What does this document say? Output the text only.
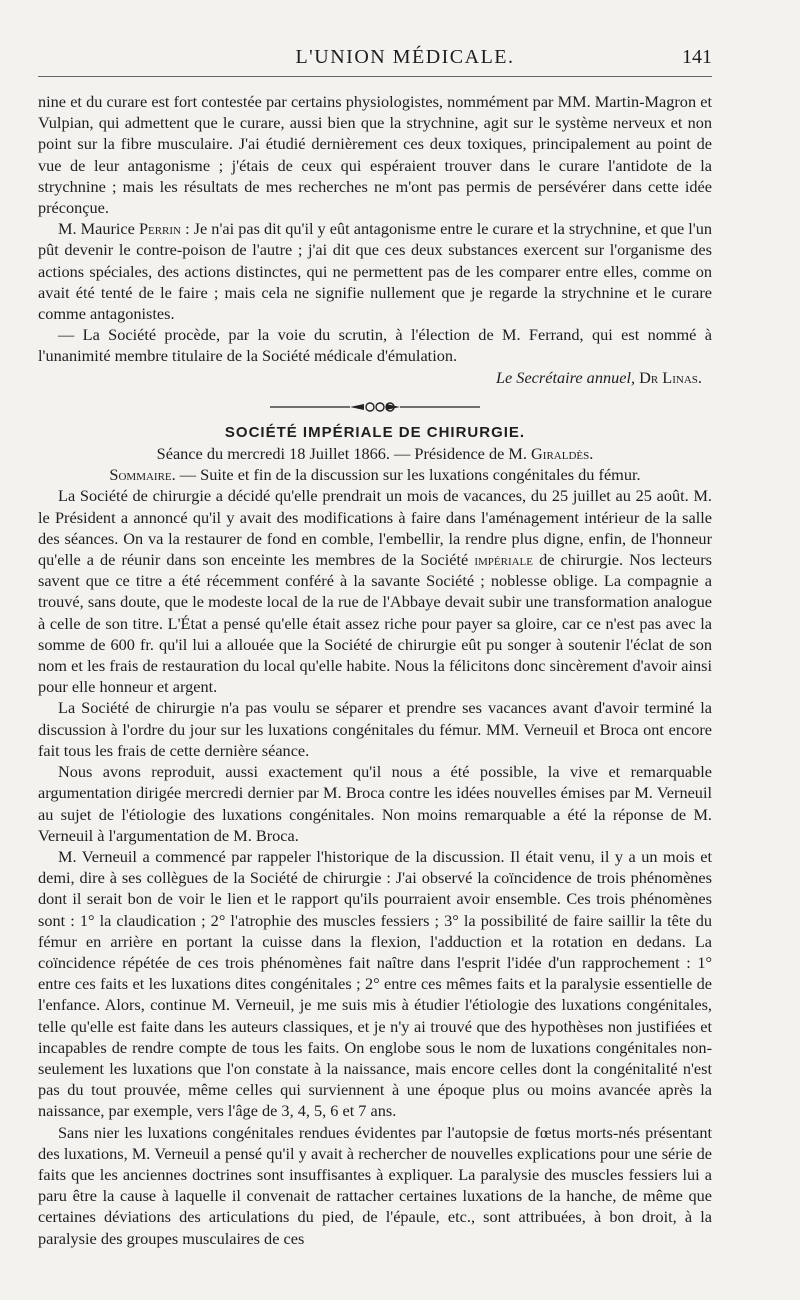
L'UNION MÉDICALE.	141

nine et du curare est fort contestée par certains physiologistes, nommément par MM. Martin-Magron et Vulpian, qui admettent que le curare, aussi bien que la strychnine, agit sur le système nerveux et non point sur la fibre musculaire. J'ai étudié dernièrement ces deux toxiques, principalement au point de vue de leur antagonisme ; j'étais de ceux qui espéraient trouver dans le curare l'antidote de la strychnine ; mais les résultats de mes recherches ne m'ont pas permis de persévérer dans cette idée préconçue.

M. Maurice Perrin : Je n'ai pas dit qu'il y eût antagonisme entre le curare et la strychnine, et que l'un pût devenir le contre-poison de l'autre ; j'ai dit que ces deux substances exercent sur l'organisme des actions spéciales, des actions distinctes, qui ne permettent pas de les comparer entre elles, comme on avait été tenté de le faire ; mais cela ne signifie nullement que je regarde la strychnine et le curare comme antagonistes.

— La Société procède, par la voie du scrutin, à l'élection de M. Ferrand, qui est nommé à l'unanimité membre titulaire de la Société médicale d'émulation.

Le Secrétaire annuel, Dr Linas.

SOCIÉTÉ IMPÉRIALE DE CHIRURGIE.

Séance du mercredi 18 Juillet 1866. — Présidence de M. Giraldès.

Sommaire. — Suite et fin de la discussion sur les luxations congénitales du fémur.

La Société de chirurgie a décidé qu'elle prendrait un mois de vacances, du 25 juillet au 25 août. M. le Président a annoncé qu'il y avait des modifications à faire dans l'aménagement intérieur de la salle des séances. On va la restaurer de fond en comble, l'embellir, la rendre plus digne, enfin, de l'honneur qu'elle a de réunir dans son enceinte les membres de la Société impériale de chirurgie. Nos lecteurs savent que ce titre a été récemment conféré à la savante Société ; noblesse oblige. La compagnie a trouvé, sans doute, que le modeste local de la rue de l'Abbaye devait subir une transformation analogue à celle de son titre. L'État a pensé qu'elle était assez riche pour payer sa gloire, car ce n'est pas avec la somme de 600 fr. qu'il lui a allouée que la Société de chirurgie eût pu songer à soutenir l'éclat de son nom et les frais de restauration du local qu'elle habite. Nous la félicitons donc sincèrement d'avoir ainsi pour elle honneur et argent.

La Société de chirurgie n'a pas voulu se séparer et prendre ses vacances avant d'avoir terminé la discussion à l'ordre du jour sur les luxations congénitales du fémur. MM. Verneuil et Broca ont encore fait tous les frais de cette dernière séance.

Nous avons reproduit, aussi exactement qu'il nous a été possible, la vive et remarquable argumentation dirigée mercredi dernier par M. Broca contre les idées nouvelles émises par M. Verneuil au sujet de l'étiologie des luxations congénitales. Non moins remarquable a été la réponse de M. Verneuil à l'argumentation de M. Broca.

M. Verneuil a commencé par rappeler l'historique de la discussion. Il était venu, il y a un mois et demi, dire à ses collègues de la Société de chirurgie : J'ai observé la coïncidence de trois phénomènes dont il serait bon de voir le lien et le rapport qu'ils pourraient avoir ensemble. Ces trois phénomènes sont : 1° la claudication ; 2° l'atrophie des muscles fessiers ; 3° la possibilité de faire saillir la tête du fémur en arrière en portant la cuisse dans la flexion, l'adduction et la rotation en dedans. La coïncidence répétée de ces trois phénomènes fait naître dans l'esprit l'idée d'un rapprochement : 1° entre ces faits et les luxations dites congénitales ; 2° entre ces mêmes faits et la paralysie essentielle de l'enfance. Alors, continue M. Verneuil, je me suis mis à étudier l'étiologie des luxations congénitales, telle qu'elle est faite dans les auteurs classiques, et je n'y ai trouvé que des hypothèses non justifiées et incapables de rendre compte de tous les faits. On englobe sous le nom de luxations congénitales non-seulement les luxations que l'on constate à la naissance, mais encore celles dont la congénitalité n'est pas du tout prouvée, même celles qui surviennent à une époque plus ou moins avancée après la naissance, par exemple, vers l'âge de 3, 4, 5, 6 et 7 ans.

Sans nier les luxations congénitales rendues évidentes par l'autopsie de fœtus morts-nés présentant des luxations, M. Verneuil a pensé qu'il y avait à rechercher de nouvelles explications pour une série de faits que les anciennes doctrines sont insuffisantes à expliquer. La paralysie des muscles fessiers lui a paru être la cause à laquelle il convenait de rattacher certaines luxations de la hanche, de même que certaines déviations des articulations du pied, de l'épaule, etc., sont attribuées, à bon droit, à la paralysie des groupes musculaires de ces
